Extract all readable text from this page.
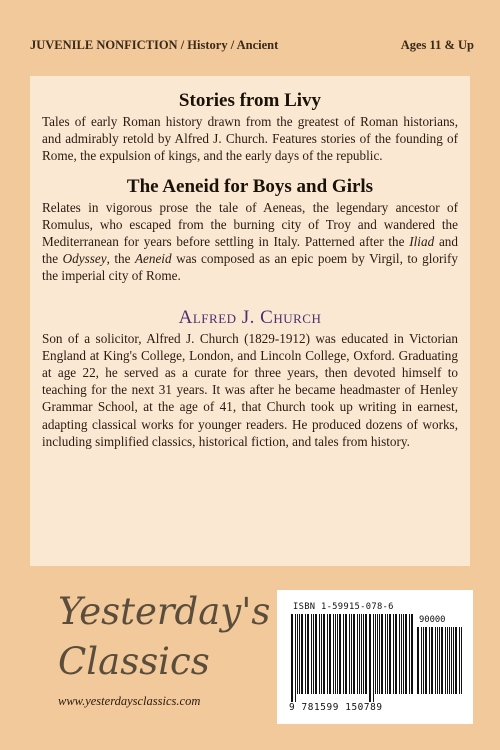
JUVENILE NONFICTION / History / Ancient	Ages 11 & Up
Stories from Livy

Tales of early Roman history drawn from the greatest of Roman historians, and admirably retold by Alfred J. Church. Features stories of the founding of Rome, the expulsion of kings, and the early days of the republic.

The Aeneid for Boys and Girls

Relates in vigorous prose the tale of Aeneas, the legendary ancestor of Romulus, who escaped from the burning city of Troy and wandered the Mediterranean for years before settling in Italy. Patterned after the Iliad and the Odyssey, the Aeneid was composed as an epic poem by Virgil, to glorify the imperial city of Rome.

Alfred J. Church

Son of a solicitor, Alfred J. Church (1829-1912) was educated in Victorian England at King's College, London, and Lincoln College, Oxford. Graduating at age 22, he served as a curate for three years, then devoted himself to teaching for the next 31 years. It was after he became headmaster of Henley Grammar School, at the age of 41, that Church took up writing in earnest, adapting classical works for younger readers. He produced dozens of works, including simplified classics, historical fiction, and tales from history.

Yesterday's
Classics
www.yesterdaysclassics.com
ISBN 1-59915-078-6
90000
9 781599 150789
